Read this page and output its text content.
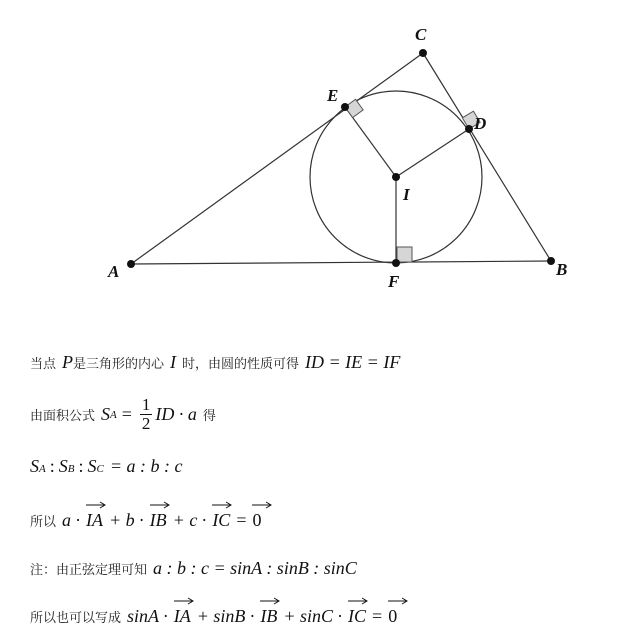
A	B
C
D
E
F
I
当点 P 是三角形的内心 I 时，由圆的性质可得 ID = IE = IF
由面积公式 S $A = \frac{1}{2}$ ID · a 得
S A : S B : S C = a : b : c
所以 a · IA + b · IB + c · IC = 0
注：由正弦定理可知 a : b : c = sinA : sinB : sinC
所以也可以写成 sinA · IA + sinB · IB + sinC · IC = 0
